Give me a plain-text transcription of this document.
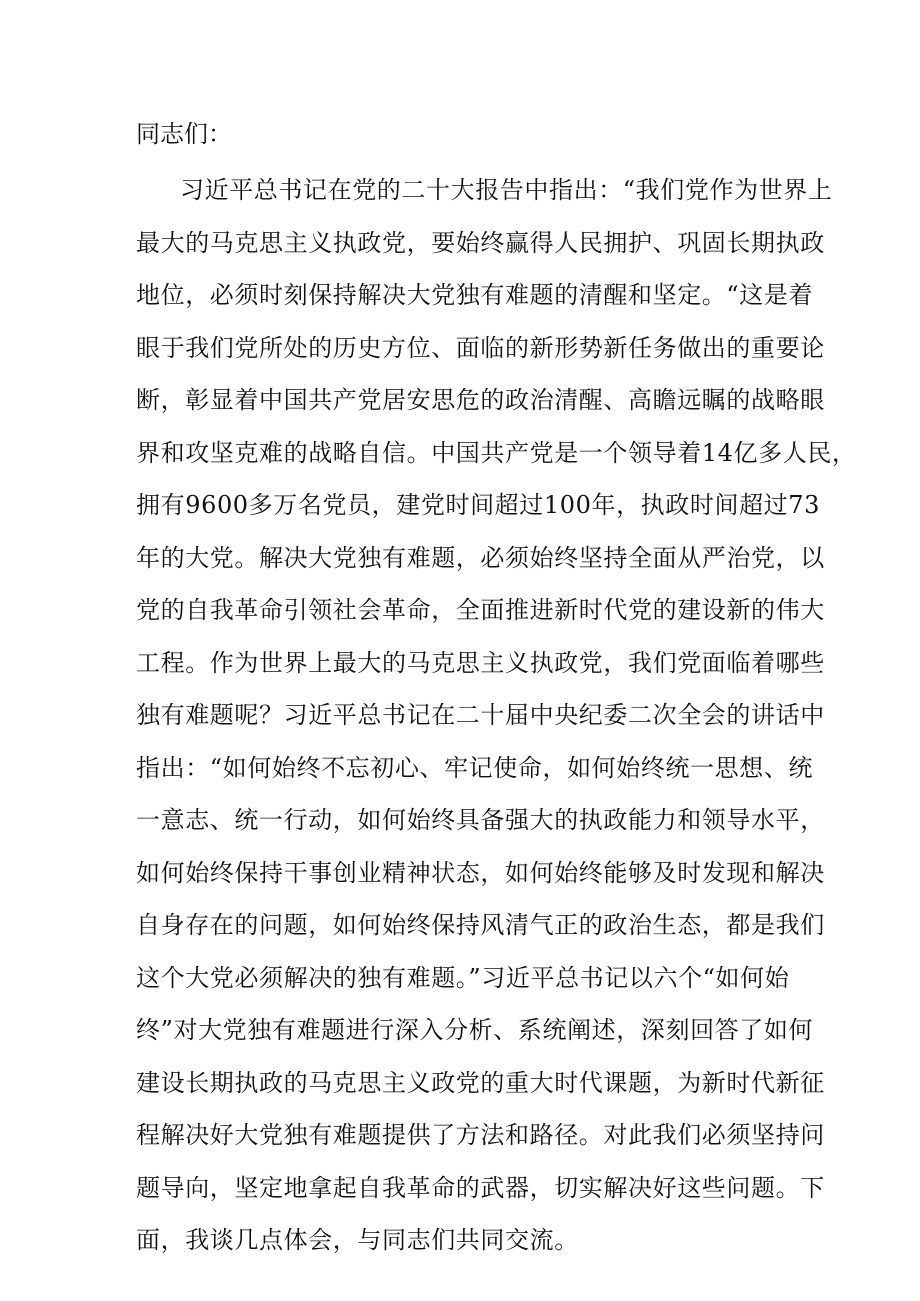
同志们：
习近平总书记在党的二十大报告中指出：“我们党作为世界上
最大的马克思主义执政党，要始终赢得人民拥护、巩固长期执政
地位，必须时刻保持解决大党独有难题的清醒和坚定。“这是着
眼于我们党所处的历史方位、面临的新形势新任务做出的重要论
断，彰显着中国共产党居安思危的政治清醒、高瞻远瞩的战略眼
界和攻坚克难的战略自信。中国共产党是一个领导着14亿多人民，
拥有9600多万名党员，建党时间超过100年，执政时间超过73
年的大党。解决大党独有难题，必须始终坚持全面从严治党，以
党的自我革命引领社会革命，全面推进新时代党的建设新的伟大
工程。作为世界上最大的马克思主义执政党，我们党面临着哪些
独有难题呢？习近平总书记在二十届中央纪委二次全会的讲话中
指出：“如何始终不忘初心、牢记使命，如何始终统一思想、统
一意志、统一行动，如何始终具备强大的执政能力和领导水平，
如何始终保持干事创业精神状态，如何始终能够及时发现和解决
自身存在的问题，如何始终保持风清气正的政治生态，都是我们
这个大党必须解决的独有难题。”习近平总书记以六个“如何始
终”对大党独有难题进行深入分析、系统阐述，深刻回答了如何
建设长期执政的马克思主义政党的重大时代课题，为新时代新征
程解决好大党独有难题提供了方法和路径。对此我们必须坚持问
题导向，坚定地拿起自我革命的武器，切实解决好这些问题。下
面，我谈几点体会，与同志们共同交流。
